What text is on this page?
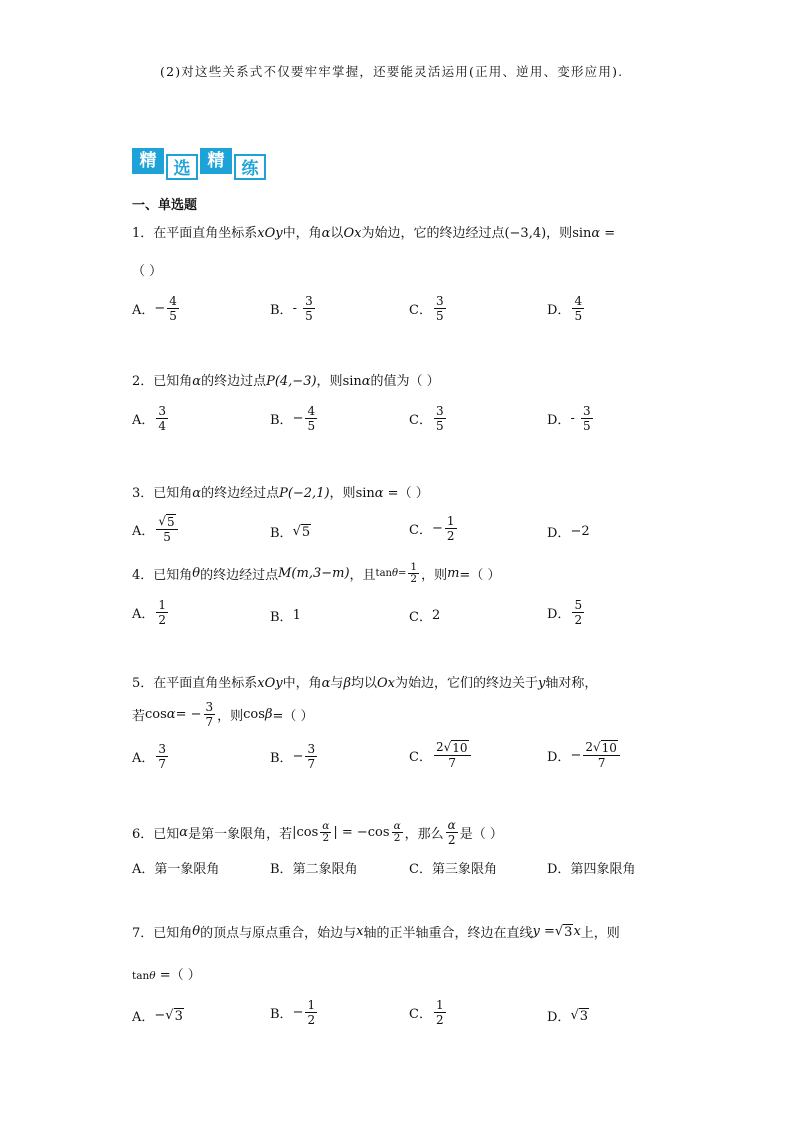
(2)对这些关系式不仅要牢牢掌握，还要能灵活运用(正用、逆用、变形应用).
精	选	精	练
一、单选题
1．在平面直角坐标系xOy中，角α以Ox为始边，它的终边经过点(−3,4)，则sinα =
（ ）
A． − $\frac{4}{5}$	B． -
$\frac{3}{5}$	C． $\frac{3}{5}$	D． $\frac{4}{5}$
2．已知角α的终边过点P(4,−3)，则sinα的值为（ ）
A． $\frac{3}{4}$	B． − $\frac{4}{5}$	C． $\frac{3}{5}$	D． -
$\frac{3}{5}$
3．已知角α的终边经过点P(−2,1)，则sinα =（ ）
A． $\frac{√ 5}{5}$	B． √ 5	C． − $\frac{1}{2}$	D． −2
4．已知角 θ 的终边经过点 M(m,3−m) ，且 $\tan \theta = \frac{1}{2}$ ，则 m =（ ）
A． $\frac{1}{2}$	B． 1	C． 2	D． $\frac{5}{2}$
5．在平面直角坐标系xOy中，角α与β均以Ox为始边，它们的终边关于y轴对称，
若 cos α = − $\frac{3}{7}$ ，则 cos β =（ ）
A． $\frac{3}{7}$	B． − $\frac{3}{7}$	C． $\frac{2 √ 10}{7}$	D． − $\frac{2 √ 10}{7}$
6．已知 α 是第一象限角，若 | $\cos \frac{\alpha}{2}$ | = − $\cos \frac{\alpha}{2}$ ，那么 $\frac{\alpha}{2}$ 是（ ）
A． 第一象限角	B． 第二象限角	C． 第三象限角	D． 第四象限角
7．已知角 θ 的顶点与原点重合，始边与 x 轴的正半轴重合，终边在直线 y = √ 3 x 上，则
tanθ =（ ）
A． − √ 3	B． − $\frac{1}{2}$	C． $\frac{1}{2}$	D． √ 3
